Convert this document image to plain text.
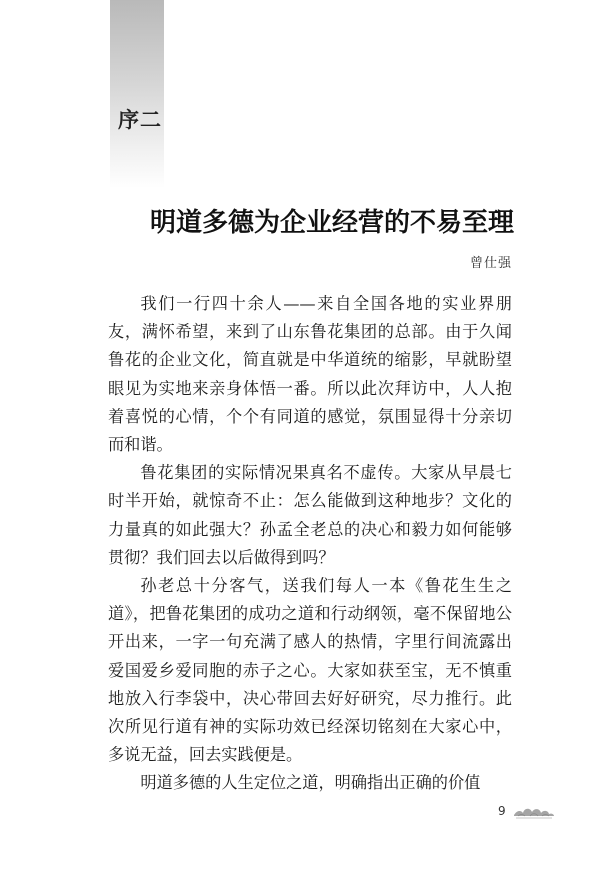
序二
明道多德为企业经营的不易至理
曾仕强

我们一行四十余人——来自全国各地的实业界朋友，满怀希望，来到了山东鲁花集团的总部。由于久闻鲁花的企业文化，简直就是中华道统的缩影，早就盼望眼见为实地来亲身体悟一番。所以此次拜访中，人人抱着喜悦的心情，个个有同道的感觉，氛围显得十分亲切而和谐。

鲁花集团的实际情况果真名不虚传。大家从早晨七时半开始，就惊奇不止：怎么能做到这种地步？文化的力量真的如此强大？孙孟全老总的决心和毅力如何能够贯彻？我们回去以后做得到吗？

孙老总十分客气，送我们每人一本《鲁花生生之道》，把鲁花集团的成功之道和行动纲领，毫不保留地公开出来，一字一句充满了感人的热情，字里行间流露出爱国爱乡爱同胞的赤子之心。大家如获至宝，无不慎重地放入行李袋中，决心带回去好好研究，尽力推行。此次所见行道有神的实际功效已经深切铭刻在大家心中，多说无益，回去实践便是。

明道多德的人生定位之道，明确指出正确的价值

9
